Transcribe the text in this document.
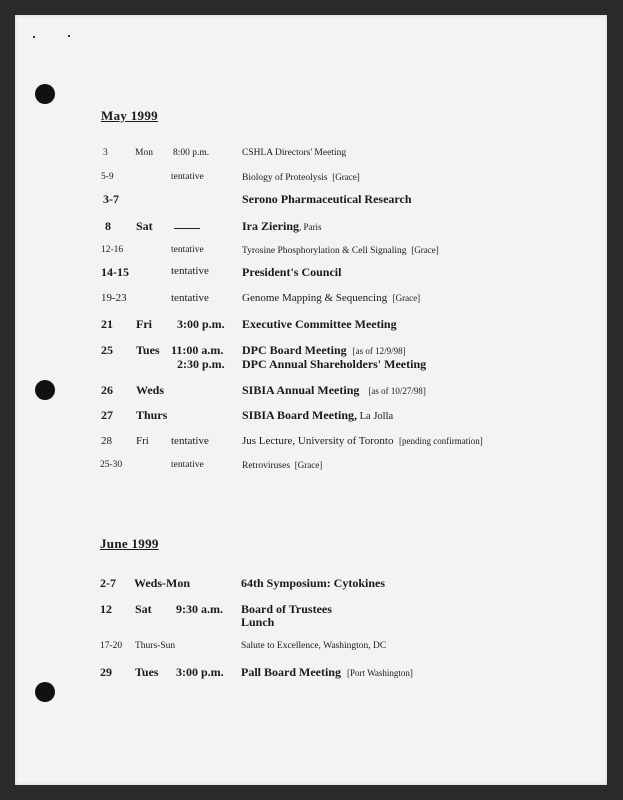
May 1999
3	Mon 8:00 p.m.	CSHLA Directors' Meeting
5-9	tentative	Biology of Proteolysis [Grace]
3-7	Serono Pharmaceutical Research
8 Sat	Ira Ziering, Paris
12-16	tentative	Tyrosine Phosphorylation & Cell Signaling [Grace]
14-15	tentative	President's Council
19-23	tentative	Genome Mapping & Sequencing [Grace]
21 Fri 3:00 p.m. Executive Committee Meeting
25 Tues 11:00 a.m. DPC Board Meeting [as of 12/9/98]
2:30 p.m. DPC Annual Shareholders' Meeting
26 Weds	SIBIA Annual Meeting [as of 10/27/98]
27 Thurs	SIBIA Board Meeting, La Jolla
28 Fri tentative	Jus Lecture, University of Toronto [pending confirmation]
25-30	tentative	Retroviruses [Grace]
June 1999
2-7 Weds-Mon	64th Symposium: Cytokines
12 Sat 9:30 a.m. Board of Trustees
Lunch
17-20 Thurs-Sun	Salute to Excellence, Washington, DC
29 Tues 3:00 p.m. Pall Board Meeting [Port Washington]
